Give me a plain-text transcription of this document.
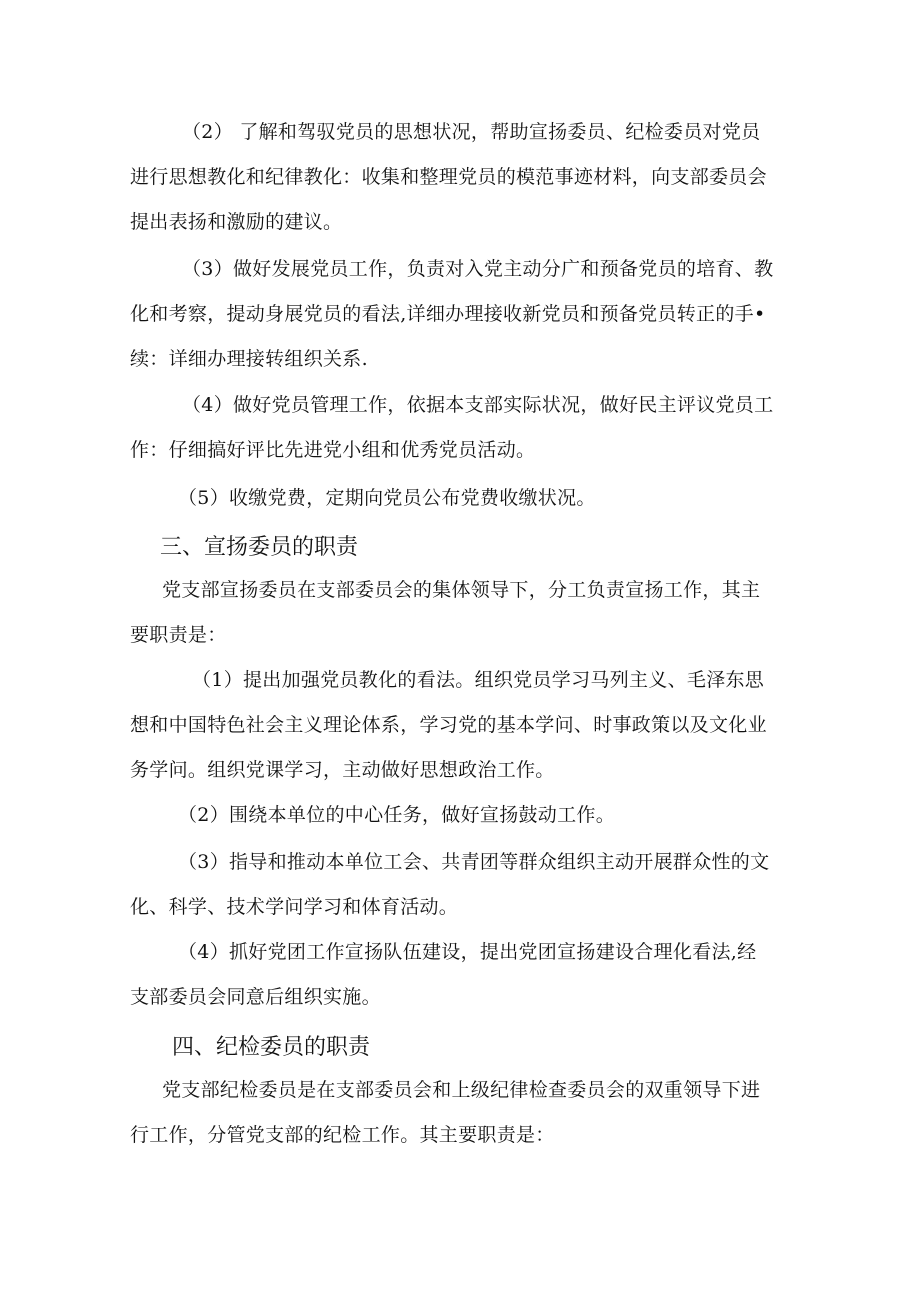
（2） 了解和驾驭党员的思想状况，帮助宣扬委员、纪检委员对党员
进行思想教化和纪律教化：收集和整理党员的模范事迹材料，向支部委员会
提出表扬和激励的建议。
（3）做好发展党员工作，负责对入党主动分广和预备党员的培育、教
化和考察，提动身展党员的看法,详细办理接收新党员和预备党员转正的手•
续：详细办理接转组织关系.
（4）做好党员管理工作，依据本支部实际状况，做好民主评议党员工
作：仔细搞好评比先进党小组和优秀党员活动。
（5）收缴党费，定期向党员公布党费收缴状况。
三、宣扬委员的职责
党支部宣扬委员在支部委员会的集体领导下，分工负责宣扬工作，其主
要职责是：
（1）提出加强党员教化的看法。组织党员学习马列主义、毛泽东思
想和中国特色社会主义理论体系，学习党的基本学问、时事政策以及文化业
务学问。组织党课学习，主动做好思想政治工作。
（2）围绕本单位的中心任务，做好宣扬鼓动工作。
（3）指导和推动本单位工会、共青团等群众组织主动开展群众性的文
化、科学、技术学问学习和体育活动。
（4）抓好党团工作宣扬队伍建设，提出党团宣扬建设合理化看法,经
支部委员会同意后组织实施。
四、纪检委员的职责
党支部纪检委员是在支部委员会和上级纪律检查委员会的双重领导下进
行工作，分管党支部的纪检工作。其主要职责是：
